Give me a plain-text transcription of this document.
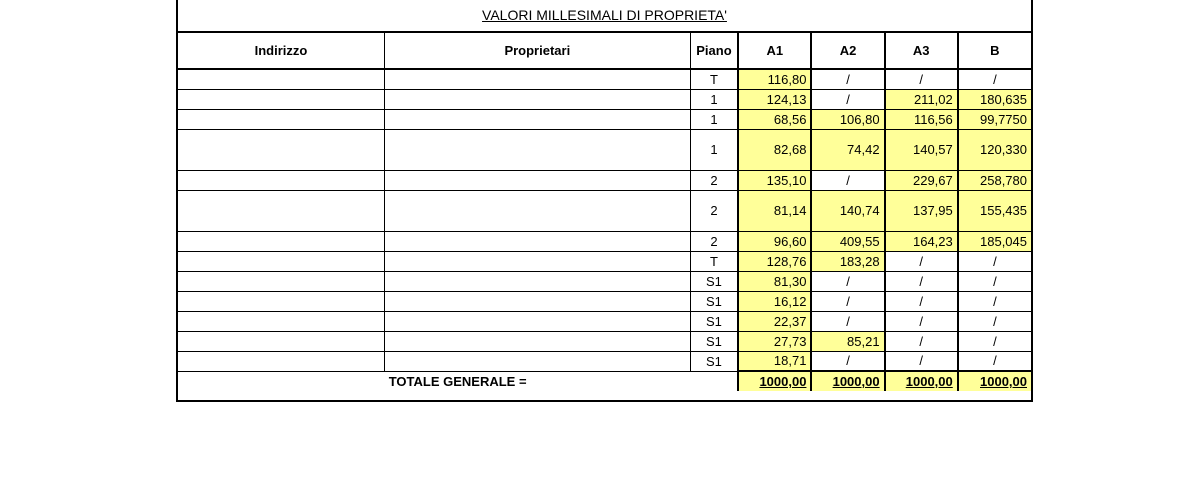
VALORI MILLESIMALI DI PROPRIETA'
Indirizzo	Proprietari	Piano	A1	A2	A3	B
		T	116,80	/	/	/
		1	124,13	/	211,02	180,635
		1	68,56	106,80	116,56	99,7750
		1	82,68	74,42	140,57	120,330
		2	135,10	/	229,67	258,780
		2	81,14	140,74	137,95	155,435
		2	96,60	409,55	164,23	185,045
		T	128,76	183,28	/	/
		S1	81,30	/	/	/
		S1	16,12	/	/	/
		S1	22,37	/	/	/
		S1	27,73	85,21	/	/
		S1	18,71	/	/	/
TOTALE GENERALE =			1000,00	1000,00	1000,00	1000,00
